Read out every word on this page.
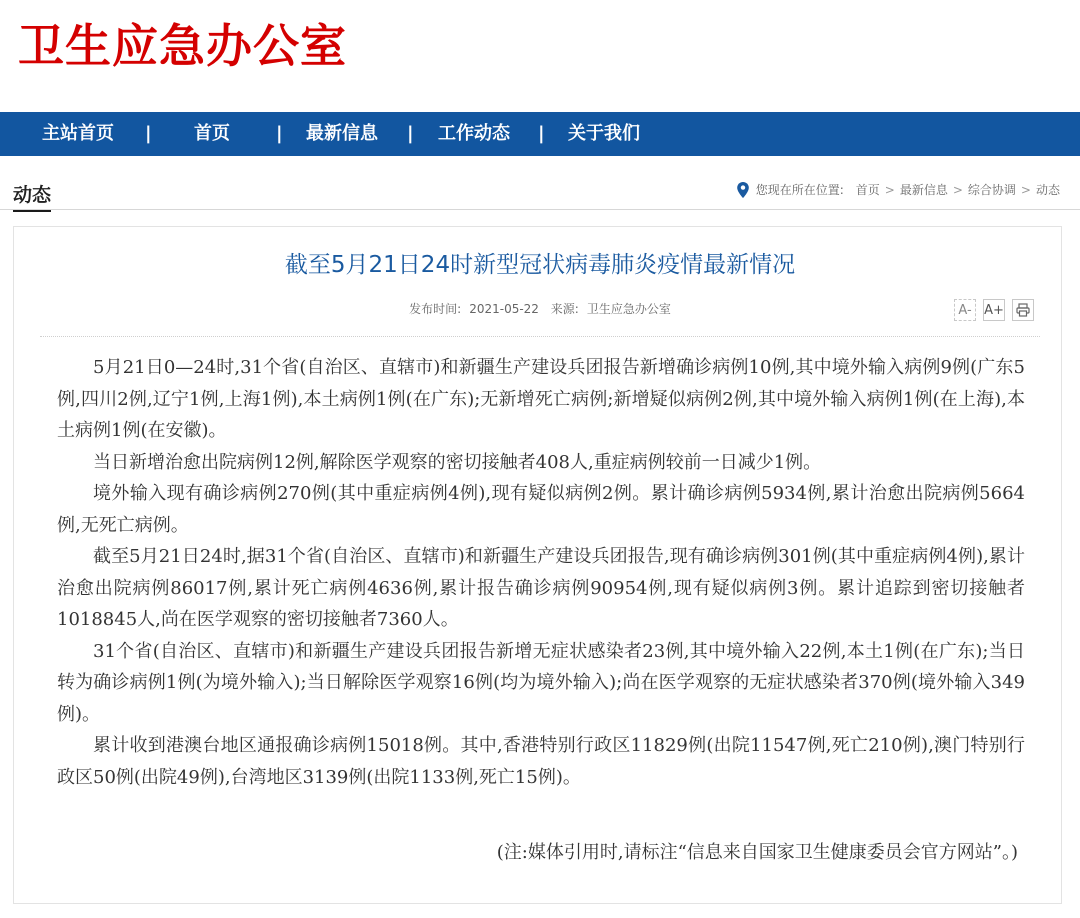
卫生应急办公室
主站首页 | 首页	| 最新信息 | 工作动态 | 关于我们
动态	您现在所在位置: 首页 > 最新信息 > 综合协调 > 动态
截至5月21日24时新型冠状病毒肺炎疫情最新情况
发布时间: 2021-05-22 来源: 卫生应急办公室	A- A+

5月21日0—24时,31个省(自治区、直辖市)和新疆生产建设兵团报告新增确诊病例10例,其中境外输入病例9例(广东5例,四川2例,辽宁1例,上海1例),本土病例1例(在广东);无新增死亡病例;新增疑似病例2例,其中境外输入病例1例(在上海),本土病例1例(在安徽)。

当日新增治愈出院病例12例,解除医学观察的密切接触者408人,重症病例较前一日减少1例。

境外输入现有确诊病例270例(其中重症病例4例),现有疑似病例2例。累计确诊病例5934例,累计治愈出院病例5664例,无死亡病例。

截至5月21日24时,据31个省(自治区、直辖市)和新疆生产建设兵团报告,现有确诊病例301例(其中重症病例4例),累计治愈出院病例86017例,累计死亡病例4636例,累计报告确诊病例90954例,现有疑似病例3例。累计追踪到密切接触者1018845人,尚在医学观察的密切接触者7360人。

31个省(自治区、直辖市)和新疆生产建设兵团报告新增无症状感染者23例,其中境外输入22例,本土1例(在广东);当日转为确诊病例1例(为境外输入);当日解除医学观察16例(均为境外输入);尚在医学观察的无症状感染者370例(境外输入349例)。

累计收到港澳台地区通报确诊病例15018例。其中,香港特别行政区11829例(出院11547例,死亡210例),澳门特别行政区50例(出院49例),台湾地区3139例(出院1133例,死亡15例)。

(注:媒体引用时,请标注“信息来自国家卫生健康委员会官方网站”。)
